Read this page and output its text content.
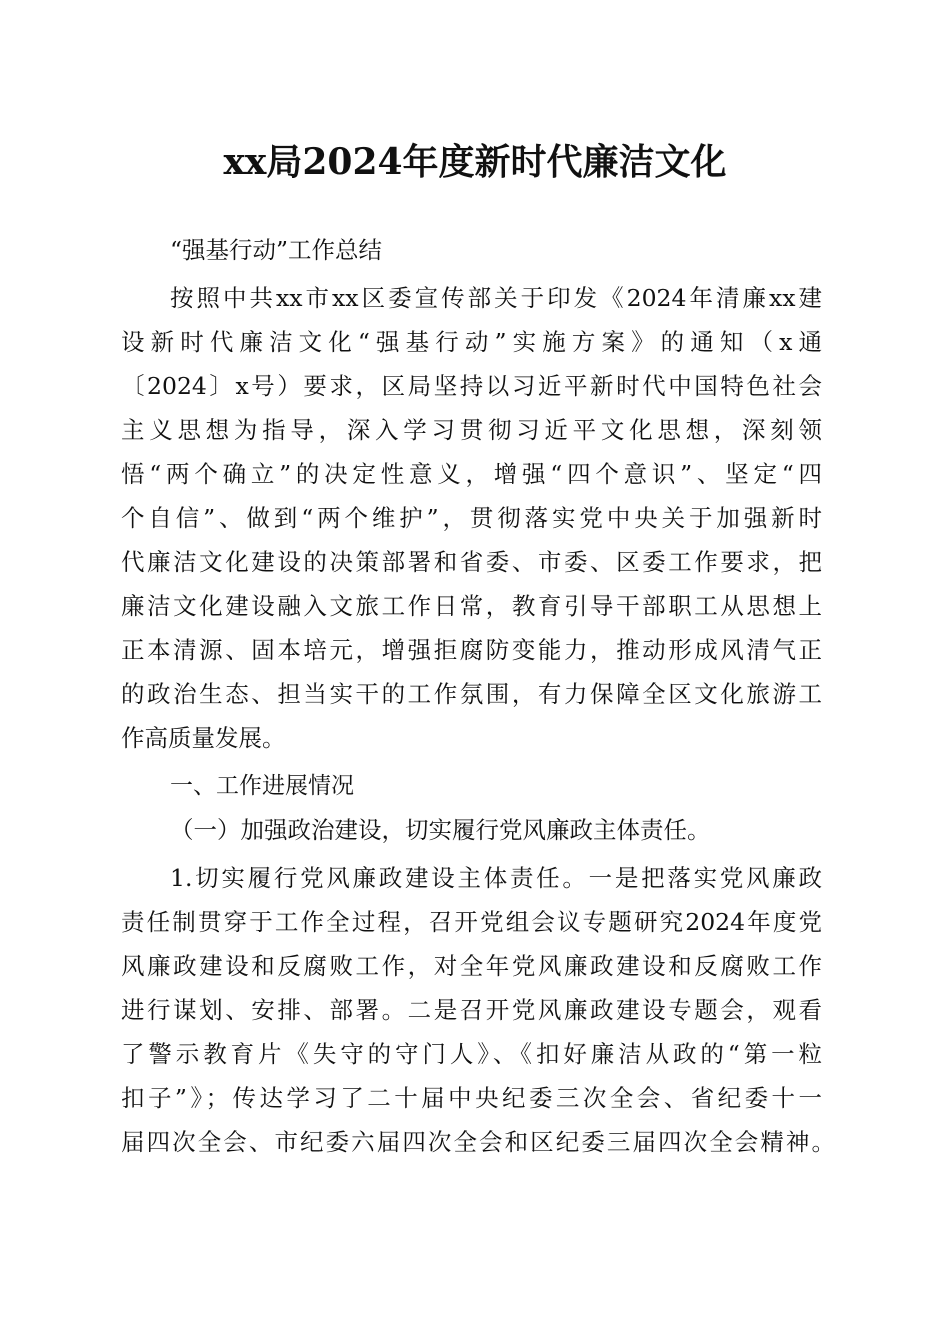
xx局2024年度新时代廉洁文化

“强基行动”工作总结

按照中共xx市xx区委宣传部关于印发《2024年清廉xx建

设新时代廉洁文化“强基行动”实施方案》的通知（x通

〔2024〕x号）要求，区局坚持以习近平新时代中国特色社会

主义思想为指导，深入学习贯彻习近平文化思想，深刻领

悟“两个确立”的决定性意义，增强“四个意识”、坚定“四

个自信”、做到“两个维护”，贯彻落实党中央关于加强新时

代廉洁文化建设的决策部署和省委、市委、区委工作要求，把

廉洁文化建设融入文旅工作日常，教育引导干部职工从思想上

正本清源、固本培元，增强拒腐防变能力，推动形成风清气正

的政治生态、担当实干的工作氛围，有力保障全区文化旅游工

作高质量发展。

一、工作进展情况

（一）加强政治建设，切实履行党风廉政主体责任。

1.切实履行党风廉政建设主体责任。一是把落实党风廉政

责任制贯穿于工作全过程，召开党组会议专题研究2024年度党

风廉政建设和反腐败工作，对全年党风廉政建设和反腐败工作

进行谋划、安排、部署。二是召开党风廉政建设专题会，观看

了警示教育片《失守的守门人》、《扣好廉洁从政的“第一粒

扣子”》；传达学习了二十届中央纪委三次全会、省纪委十一

届四次全会、市纪委六届四次全会和区纪委三届四次全会精神。
